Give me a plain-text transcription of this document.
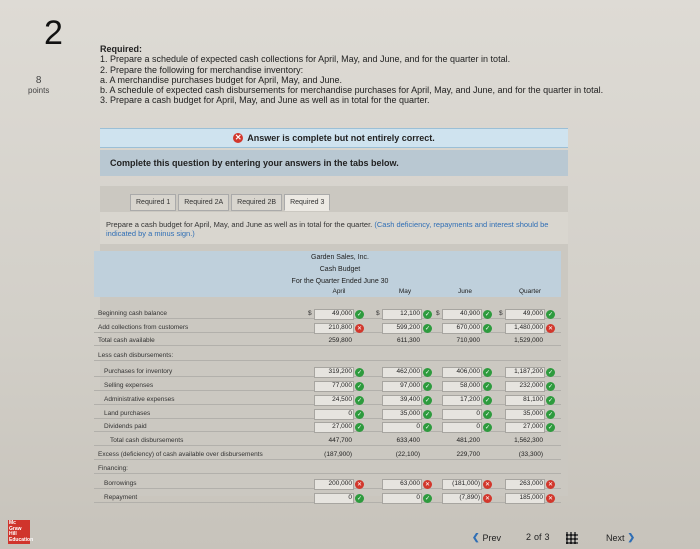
2
8
points
Required:
1. Prepare a schedule of expected cash collections for April, May, and June, and for the quarter in total.
2. Prepare the following for merchandise inventory:
a. A merchandise purchases budget for April, May, and June.
b. A schedule of expected cash disbursements for merchandise purchases for April, May, and June, and for the quarter in total.
3. Prepare a cash budget for April, May, and June as well as in total for the quarter.
✕ Answer is complete but not entirely correct.
Complete this question by entering your answers in the tabs below.
Required 1	Required 2A	Required 2B	Required 3
Prepare a cash budget for April, May, and June as well as in total for the quarter. (Cash deficiency, repayments and interest should be indicated by a minus sign.)
Garden Sales, Inc.
Cash Budget
For the Quarter Ended June 30
April	May	June	Quarter
Beginning cash balance	$	49,000 ✓	$	12,100 ✓ $	40,900 ✓	$	49,000 ✓
Add collections from customers	210,800 ✕	599,200 ✓	670,000 ✓	1,480,000 ✕
Total cash available	259,800	611,300	710,900	1,529,000
Less cash disbursements:
Purchases for inventory	319,200 ✓	462,000 ✓	406,000 ✓	1,187,200 ✓
Selling expenses	77,000 ✓	97,000 ✓	58,000 ✓	232,000 ✓
Administrative expenses	24,500 ✓	39,400 ✓	17,200 ✓	81,100 ✓
Land purchases	0 ✓	35,000 ✓	0 ✓	35,000 ✓
Dividends paid	27,000 ✓	0 ✓	0 ✓	27,000 ✓
Total cash disbursements	447,700	633,400	481,200	1,562,300
Excess (deficiency) of cash available over disbursements	(187,900)	(22,100)	229,700	(33,300)
Financing:
Borrowings	200,000 ✕	63,000 ✕	(181,000) ✕	263,000 ✕
Repayment	0 ✓	0 ✓	(7,890) ✕	185,000 ✕
Mc Graw Hill Education	❮ Prev	2 of 3	Next ❯
